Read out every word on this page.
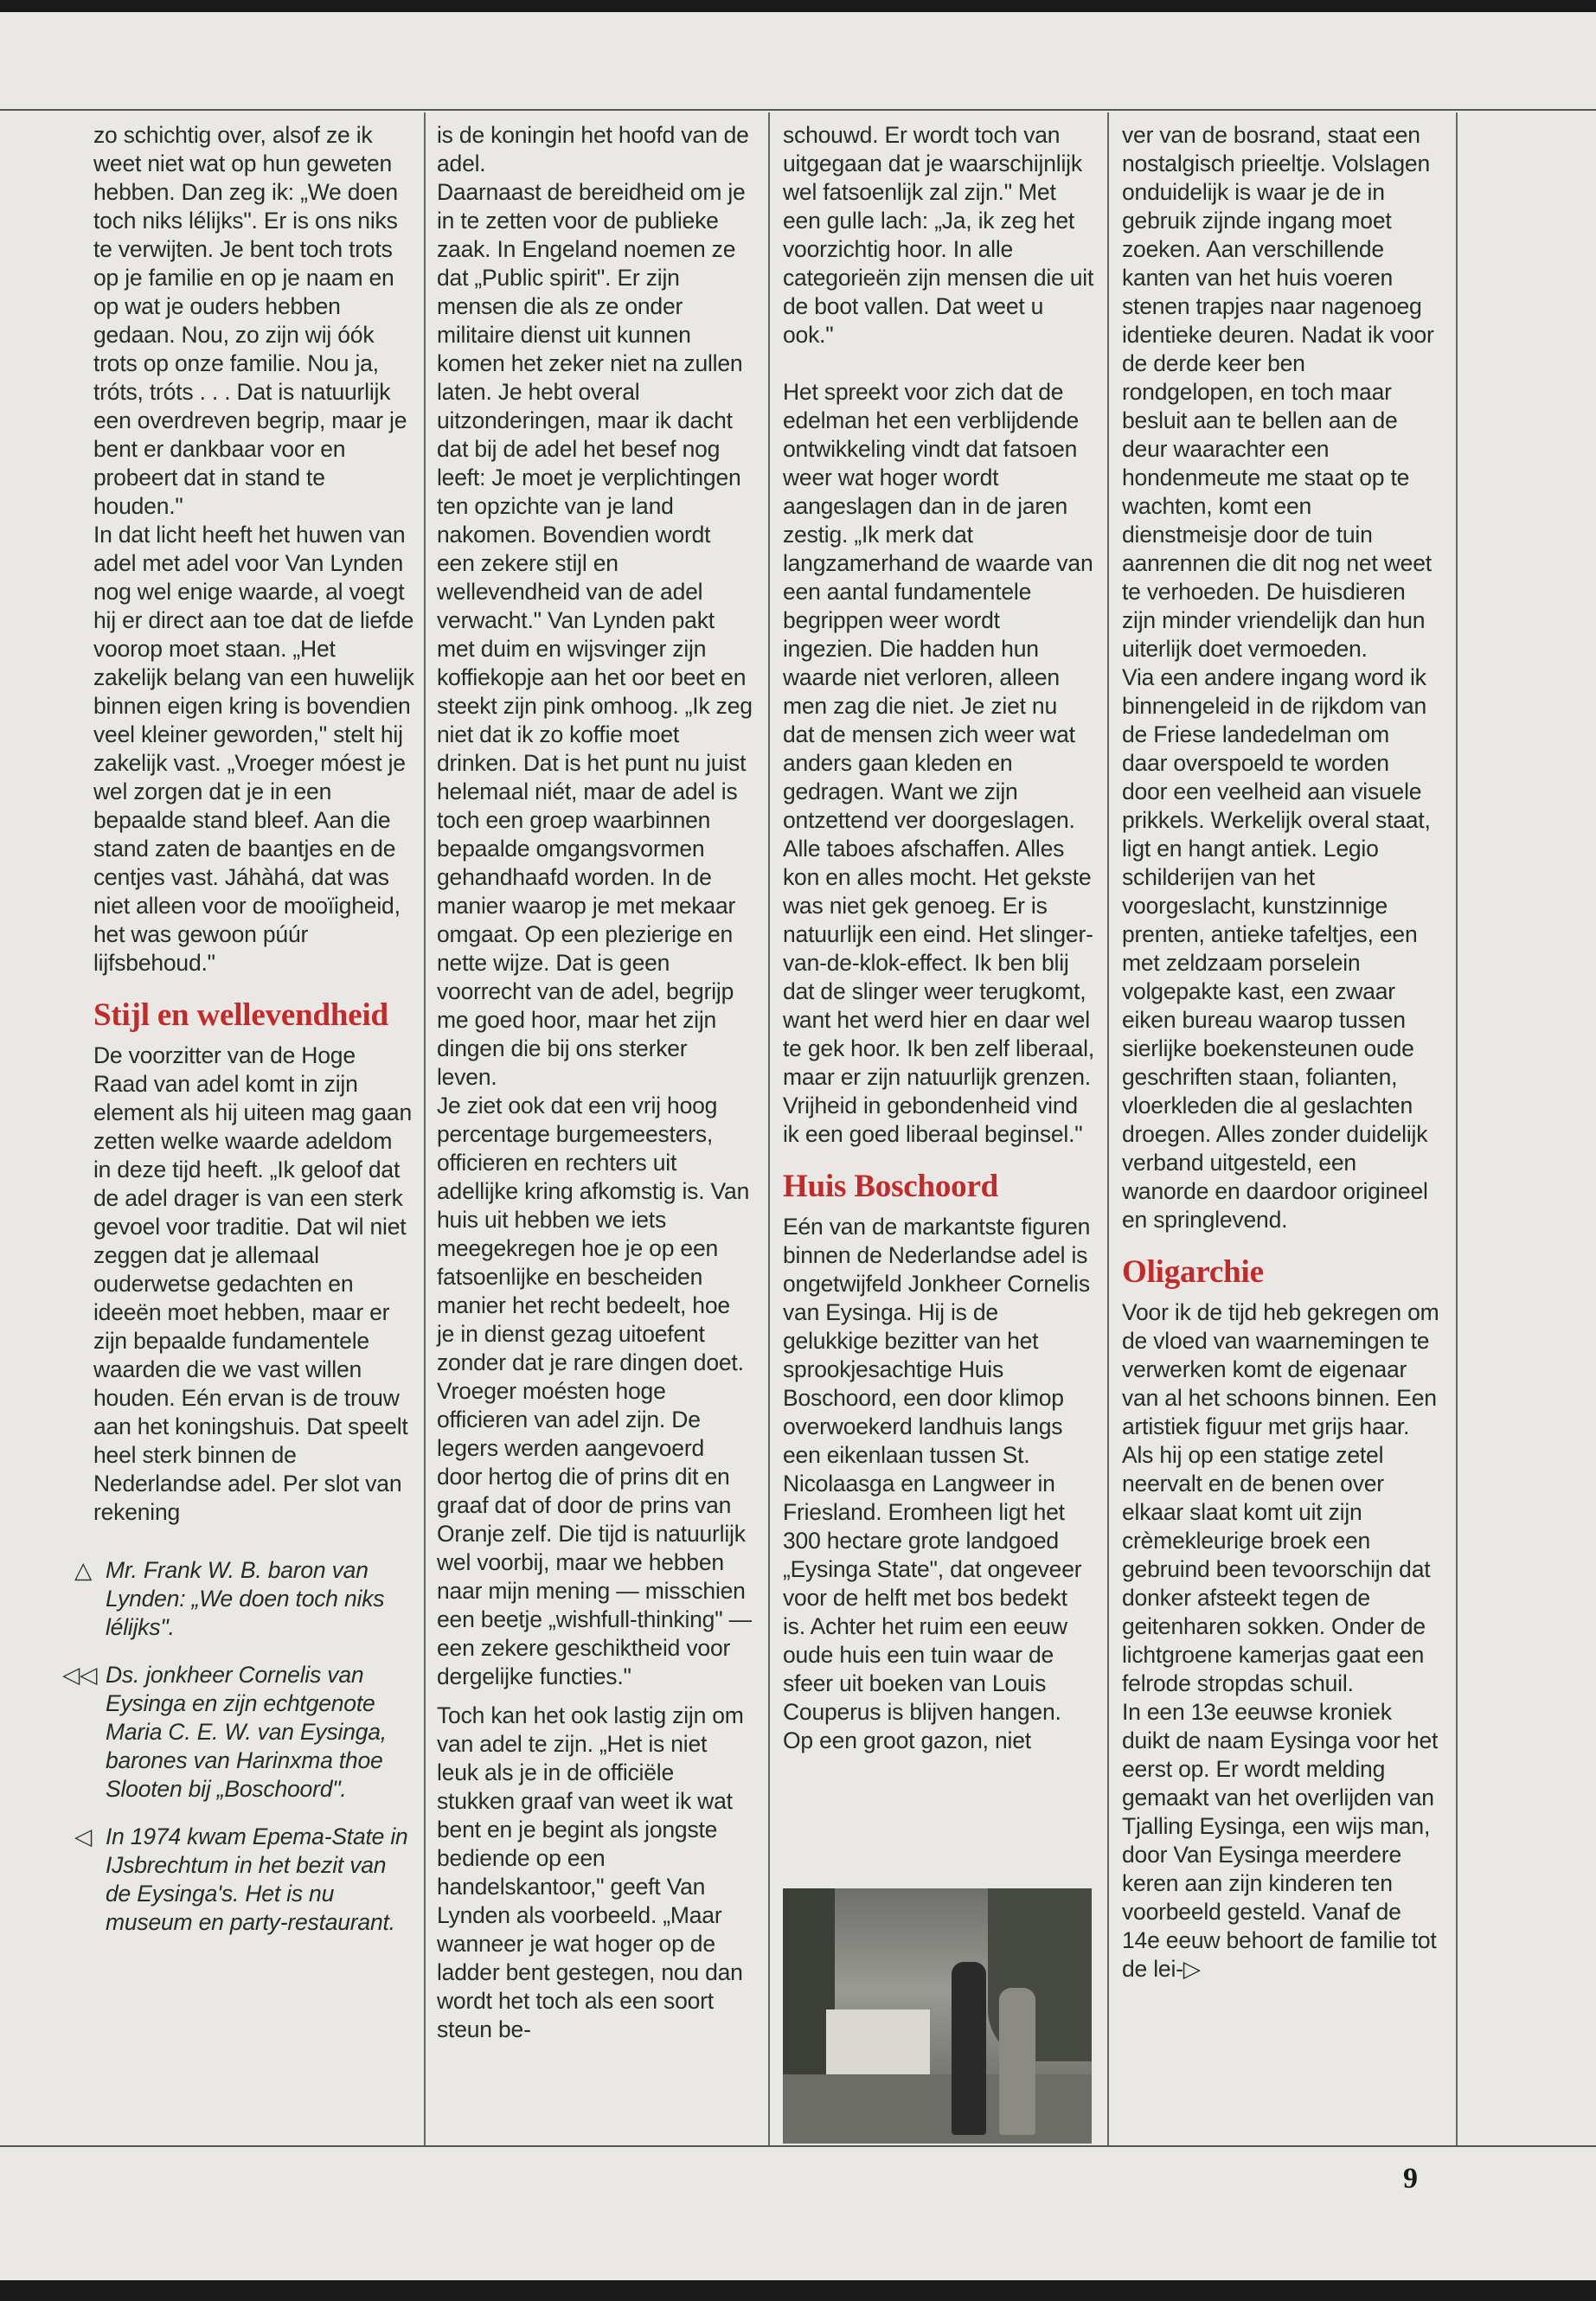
zo schichtig over, alsof ze ik weet niet wat op hun geweten hebben. Dan zeg ik: „We doen toch niks lélijks". Er is ons niks te verwijten. Je bent toch trots op je familie en op je naam en op wat je ouders hebben gedaan. Nou, zo zijn wij óók trots op onze familie. Nou ja, tróts, tróts . . . Dat is natuurlijk een overdreven begrip, maar je bent er dankbaar voor en probeert dat in stand te houden."

In dat licht heeft het huwen van adel met adel voor Van Lynden nog wel enige waarde, al voegt hij er direct aan toe dat de liefde voorop moet staan. „Het zakelijk belang van een huwelijk binnen eigen kring is bovendien veel kleiner geworden," stelt hij zakelijk vast. „Vroeger móest je wel zorgen dat je in een bepaalde stand bleef. Aan die stand zaten de baantjes en de centjes vast. Jáhàhá, dat was niet alleen voor de mooïigheid, het was gewoon púúr lijfsbehoud."

Stijl en wellevendheid

De voorzitter van de Hoge Raad van adel komt in zijn element als hij uiteen mag gaan zetten welke waarde adeldom in deze tijd heeft. „Ik geloof dat de adel drager is van een sterk gevoel voor traditie. Dat wil niet zeggen dat je allemaal ouderwetse gedachten en ideeën moet hebben, maar er zijn bepaalde fundamentele waarden die we vast willen houden. Eén ervan is de trouw aan het koningshuis. Dat speelt heel sterk binnen de Nederlandse adel. Per slot van rekening

△ Mr. Frank W. B. baron van Lynden: „We doen toch niks lélijks".
◁◁ Ds. jonkheer Cornelis van Eysinga en zijn echtgenote Maria C. E. W. van Eysinga, barones van Harinxma thoe Slooten bij „Boschoord".
◁ In 1974 kwam Epema-State in IJsbrechtum in het bezit van de Eysinga's. Het is nu museum en party-restaurant.

is de koningin het hoofd van de adel.

Daarnaast de bereidheid om je in te zetten voor de publieke zaak. In Engeland noemen ze dat „Public spirit". Er zijn mensen die als ze onder militaire dienst uit kunnen komen het zeker niet na zullen laten. Je hebt overal uitzonderingen, maar ik dacht dat bij de adel het besef nog leeft: Je moet je verplichtingen ten opzichte van je land nakomen. Bovendien wordt een zekere stijl en wellevendheid van de adel verwacht." Van Lynden pakt met duim en wijsvinger zijn koffiekopje aan het oor beet en steekt zijn pink omhoog. „Ik zeg niet dat ik zo koffie moet drinken. Dat is het punt nu juist helemaal niét, maar de adel is toch een groep waarbinnen bepaalde omgangsvormen gehandhaafd worden. In de manier waarop je met mekaar omgaat. Op een plezierige en nette wijze. Dat is geen voorrecht van de adel, begrijp me goed hoor, maar het zijn dingen die bij ons sterker leven.

Je ziet ook dat een vrij hoog percentage burgemeesters, officieren en rechters uit adellijke kring afkomstig is. Van huis uit hebben we iets meegekregen hoe je op een fatsoenlijke en bescheiden manier het recht bedeelt, hoe je in dienst gezag uitoefent zonder dat je rare dingen doet. Vroeger moésten hoge officieren van adel zijn. De legers werden aangevoerd door hertog die of prins dit en graaf dat of door de prins van Oranje zelf. Die tijd is natuurlijk wel voorbij, maar we hebben naar mijn mening — misschien een beetje „wishfull-thinking" — een zekere geschiktheid voor dergelijke functies."

Toch kan het ook lastig zijn om van adel te zijn. „Het is niet leuk als je in de officiële stukken graaf van weet ik wat bent en je begint als jongste bediende op een handelskantoor," geeft Van Lynden als voorbeeld. „Maar wanneer je wat hoger op de ladder bent gestegen, nou dan wordt het toch als een soort steun be-

schouwd. Er wordt toch van uitgegaan dat je waarschijnlijk wel fatsoenlijk zal zijn." Met een gulle lach: „Ja, ik zeg het voorzichtig hoor. In alle categorieën zijn mensen die uit de boot vallen. Dat weet u ook."

Het spreekt voor zich dat de edelman het een verblijdende ontwikkeling vindt dat fatsoen weer wat hoger wordt aangeslagen dan in de jaren zestig. „Ik merk dat langzamerhand de waarde van een aantal fundamentele begrippen weer wordt ingezien. Die hadden hun waarde niet verloren, alleen men zag die niet. Je ziet nu dat de mensen zich weer wat anders gaan kleden en gedragen. Want we zijn ontzettend ver doorgeslagen. Alle taboes afschaffen. Alles kon en alles mocht. Het gekste was niet gek genoeg. Er is natuurlijk een eind. Het slinger-van-de-klok-effect. Ik ben blij dat de slinger weer terugkomt, want het werd hier en daar wel te gek hoor. Ik ben zelf liberaal, maar er zijn natuurlijk grenzen. Vrijheid in gebondenheid vind ik een goed liberaal beginsel."

Huis Boschoord

Eén van de markantste figuren binnen de Nederlandse adel is ongetwijfeld Jonkheer Cornelis van Eysinga. Hij is de gelukkige bezitter van het sprookjesachtige Huis Boschoord, een door klimop overwoekerd landhuis langs een eikenlaan tussen St. Nicolaasga en Langweer in Friesland. Eromheen ligt het 300 hectare grote landgoed „Eysinga State", dat ongeveer voor de helft met bos bedekt is. Achter het ruim een eeuw oude huis een tuin waar de sfeer uit boeken van Louis Couperus is blijven hangen. Op een groot gazon, niet

ver van de bosrand, staat een nostalgisch prieeltje. Volslagen onduidelijk is waar je de in gebruik zijnde ingang moet zoeken. Aan verschillende kanten van het huis voeren stenen trapjes naar nagenoeg identieke deuren. Nadat ik voor de derde keer ben rondgelopen, en toch maar besluit aan te bellen aan de deur waarachter een hondenmeute me staat op te wachten, komt een dienstmeisje door de tuin aanrennen die dit nog net weet te verhoeden. De huisdieren zijn minder vriendelijk dan hun uiterlijk doet vermoeden.

Via een andere ingang word ik binnengeleid in de rijkdom van de Friese landedelman om daar overspoeld te worden door een veelheid aan visuele prikkels. Werkelijk overal staat, ligt en hangt antiek. Legio schilderijen van het voorgeslacht, kunstzinnige prenten, antieke tafeltjes, een met zeldzaam porselein volgepakte kast, een zwaar eiken bureau waarop tussen sierlijke boekensteunen oude geschriften staan, folianten, vloerkleden die al geslachten droegen. Alles zonder duidelijk verband uitgesteld, een wanorde en daardoor origineel en springlevend.

Oligarchie

Voor ik de tijd heb gekregen om de vloed van waarnemingen te verwerken komt de eigenaar van al het schoons binnen. Een artistiek figuur met grijs haar. Als hij op een statige zetel neervalt en de benen over elkaar slaat komt uit zijn crèmekleurige broek een gebruind been tevoorschijn dat donker afsteekt tegen de geitenharen sokken. Onder de lichtgroene kamerjas gaat een felrode stropdas schuil.

In een 13e eeuwse kroniek duikt de naam Eysinga voor het eerst op. Er wordt melding gemaakt van het overlijden van Tjalling Eysinga, een wijs man, door Van Eysinga meerdere keren aan zijn kinderen ten voorbeeld gesteld. Vanaf de 14e eeuw behoort de familie tot de lei-▷

9
